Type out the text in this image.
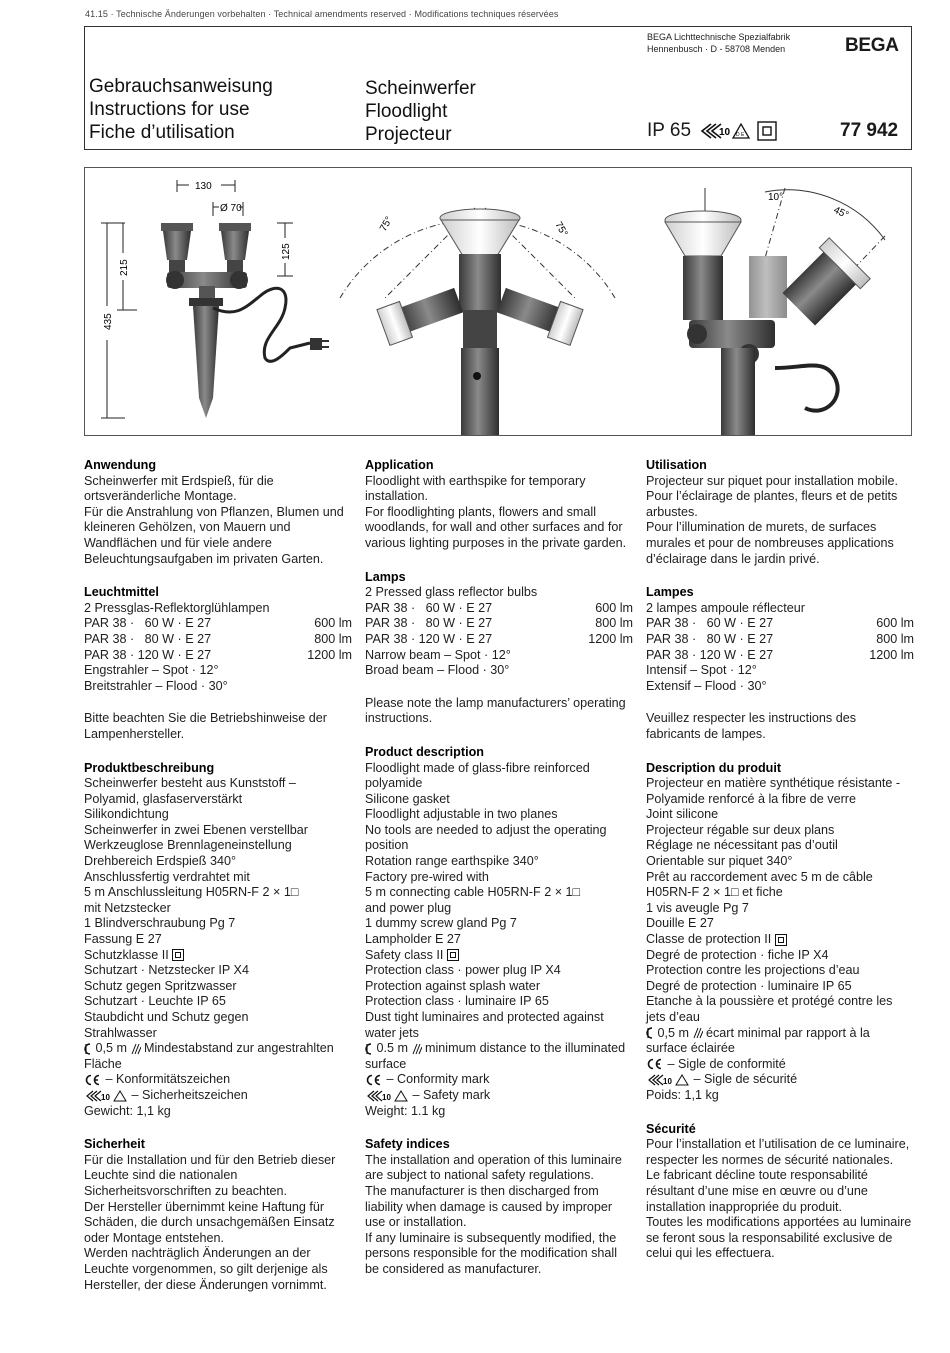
41.15 · Technische Änderungen vorbehalten · Technical amendments reserved · Modifications techniques réservées
BEGA Lichttechnische Spezialfabrik
Hennenbusch · D - 58708 Menden	BEGA
Gebrauchsanweisung
Instructions for use
Fiche d’utilisation
Scheinwerfer
Floodlight
Projecteur	IP 65	10 D E	77 942
130
Ø 70
215
435
125
75°	75°
10°
45°
Anwendung

Scheinwerfer mit Erdspieß, für die ortsveränderliche Montage.
Für die Anstrahlung von Pflanzen, Blumen und kleineren Gehölzen, von Mauern und Wandflächen und für viele andere Beleuchtungsaufgaben im privaten Garten.

Leuchtmittel
2 Pressglas-Reflektorglühlampen
PAR 38 ·   60 W · E 27	600 lm
PAR 38 ·   80 W · E 27	800 lm
PAR 38 · 120 W · E 27	1200 lm
Engstrahler – Spot · 12°
Breitstrahler – Flood · 30°

Bitte beachten Sie die Betriebshinweise der Lampenhersteller.

Produktbeschreibung

Scheinwerfer besteht aus Kunststoff – Polyamid, glasfaserverstärkt
Silikondichtung
Scheinwerfer in zwei Ebenen verstellbar
Werkzeuglose Brennlageneinstellung
Drehbereich Erdspieß 340°
Anschlussfertig verdrahtet mit
5 m Anschlussleitung H05RN-F 2 × 1□
mit Netzstecker
1 Blindverschraubung Pg 7
Fassung E 27

Schutzklasse II

Schutzart · Netzstecker IP X4
Schutz gegen Spritzwasser
Schutzart · Leuchte IP 65
Staubdicht und Schutz gegen
Strahlwasser

0,5 m Mindestabstand zur angestrahlten Fläche
– Konformitätszeichen
10 – Sicherheitszeichen
Gewicht: 1,1 kg
Sicherheit

Für die Installation und für den Betrieb dieser Leuchte sind die nationalen Sicherheitsvorschriften zu beachten.
Der Hersteller übernimmt keine Haftung für Schäden, die durch unsachgemäßen Einsatz oder Montage entstehen.
Werden nachträglich Änderungen an der Leuchte vorgenommen, so gilt derjenige als Hersteller, der diese Änderungen vornimmt.

Application

Floodlight with earthspike for temporary installation.
For floodlighting plants, flowers and small woodlands, for wall and other surfaces and for various lighting purposes in the private garden.

Lamps
2 Pressed glass reflector bulbs
PAR 38 ·   60 W · E 27	600 lm
PAR 38 ·   80 W · E 27	800 lm
PAR 38 · 120 W · E 27	1200 lm
Narrow beam – Spot · 12°
Broad beam – Flood · 30°

Please note the lamp manufacturers’ operating instructions.

Product description

Floodlight made of glass-fibre reinforced polyamide
Silicone gasket
Floodlight adjustable in two planes
No tools are needed to adjust the operating position
Rotation range earthspike 340°
Factory pre-wired with
5 m connecting cable H05RN-F 2 × 1□
and power plug
1 dummy screw gland Pg 7
Lampholder E 27

Safety class II

Protection class · power plug IP X4
Protection against splash water
Protection class · luminaire IP 65
Dust tight luminaires and protected against water jets

0.5 m minimum distance to the illuminated surface
– Conformity mark
10 – Safety mark
Weight: 1.1 kg
Safety indices

The installation and operation of this luminaire are subject to national safety regulations.
The manufacturer is then discharged from liability when damage is caused by improper use or installation.
If any luminaire is subsequently modified, the persons responsible for the modification shall be considered as manufacturer.

Utilisation

Projecteur sur piquet pour installation mobile.
Pour l’éclairage de plantes, fleurs et de petits arbustes.
Pour l’illumination de murets, de surfaces murales et pour de nombreuses applications d’éclairage dans le jardin privé.

Lampes
2 lampes ampoule réflecteur
PAR 38 ·   60 W · E 27	600 lm
PAR 38 ·   80 W · E 27	800 lm
PAR 38 · 120 W · E 27	1200 lm
Intensif – Spot · 12°
Extensif – Flood · 30°

Veuillez respecter les instructions des fabricants de lampes.

Description du produit

Projecteur en matière synthétique résistante - Polyamide renforcé à la fibre de verre
Joint silicone
Projecteur régable sur deux plans
Réglage ne nécessitant pas d’outil
Orientable sur piquet 340°
Prêt au raccordement avec 5 m de câble H05RN-F 2 × 1□ et fiche
1 vis aveugle Pg 7
Douille E 27

Classe de protection II

Degré de protection · fiche IP X4
Protection contre les projections d’eau
Degré de protection · luminaire IP 65
Etanche à la poussière et protégé contre les jets d’eau

0,5 m écart minimal par rapport à la surface éclairée
– Sigle de conformité
10 – Sigle de sécurité
Poids: 1,1 kg
Sécurité

Pour l’installation et l’utilisation de ce luminaire, respecter les normes de sécurité nationales.
Le fabricant décline toute responsabilité résultant d’une mise en œuvre ou d’une installation inappropriée du produit.
Toutes les modifications apportées au luminaire se feront sous la responsabilité exclusive de celui qui les effectuera.
